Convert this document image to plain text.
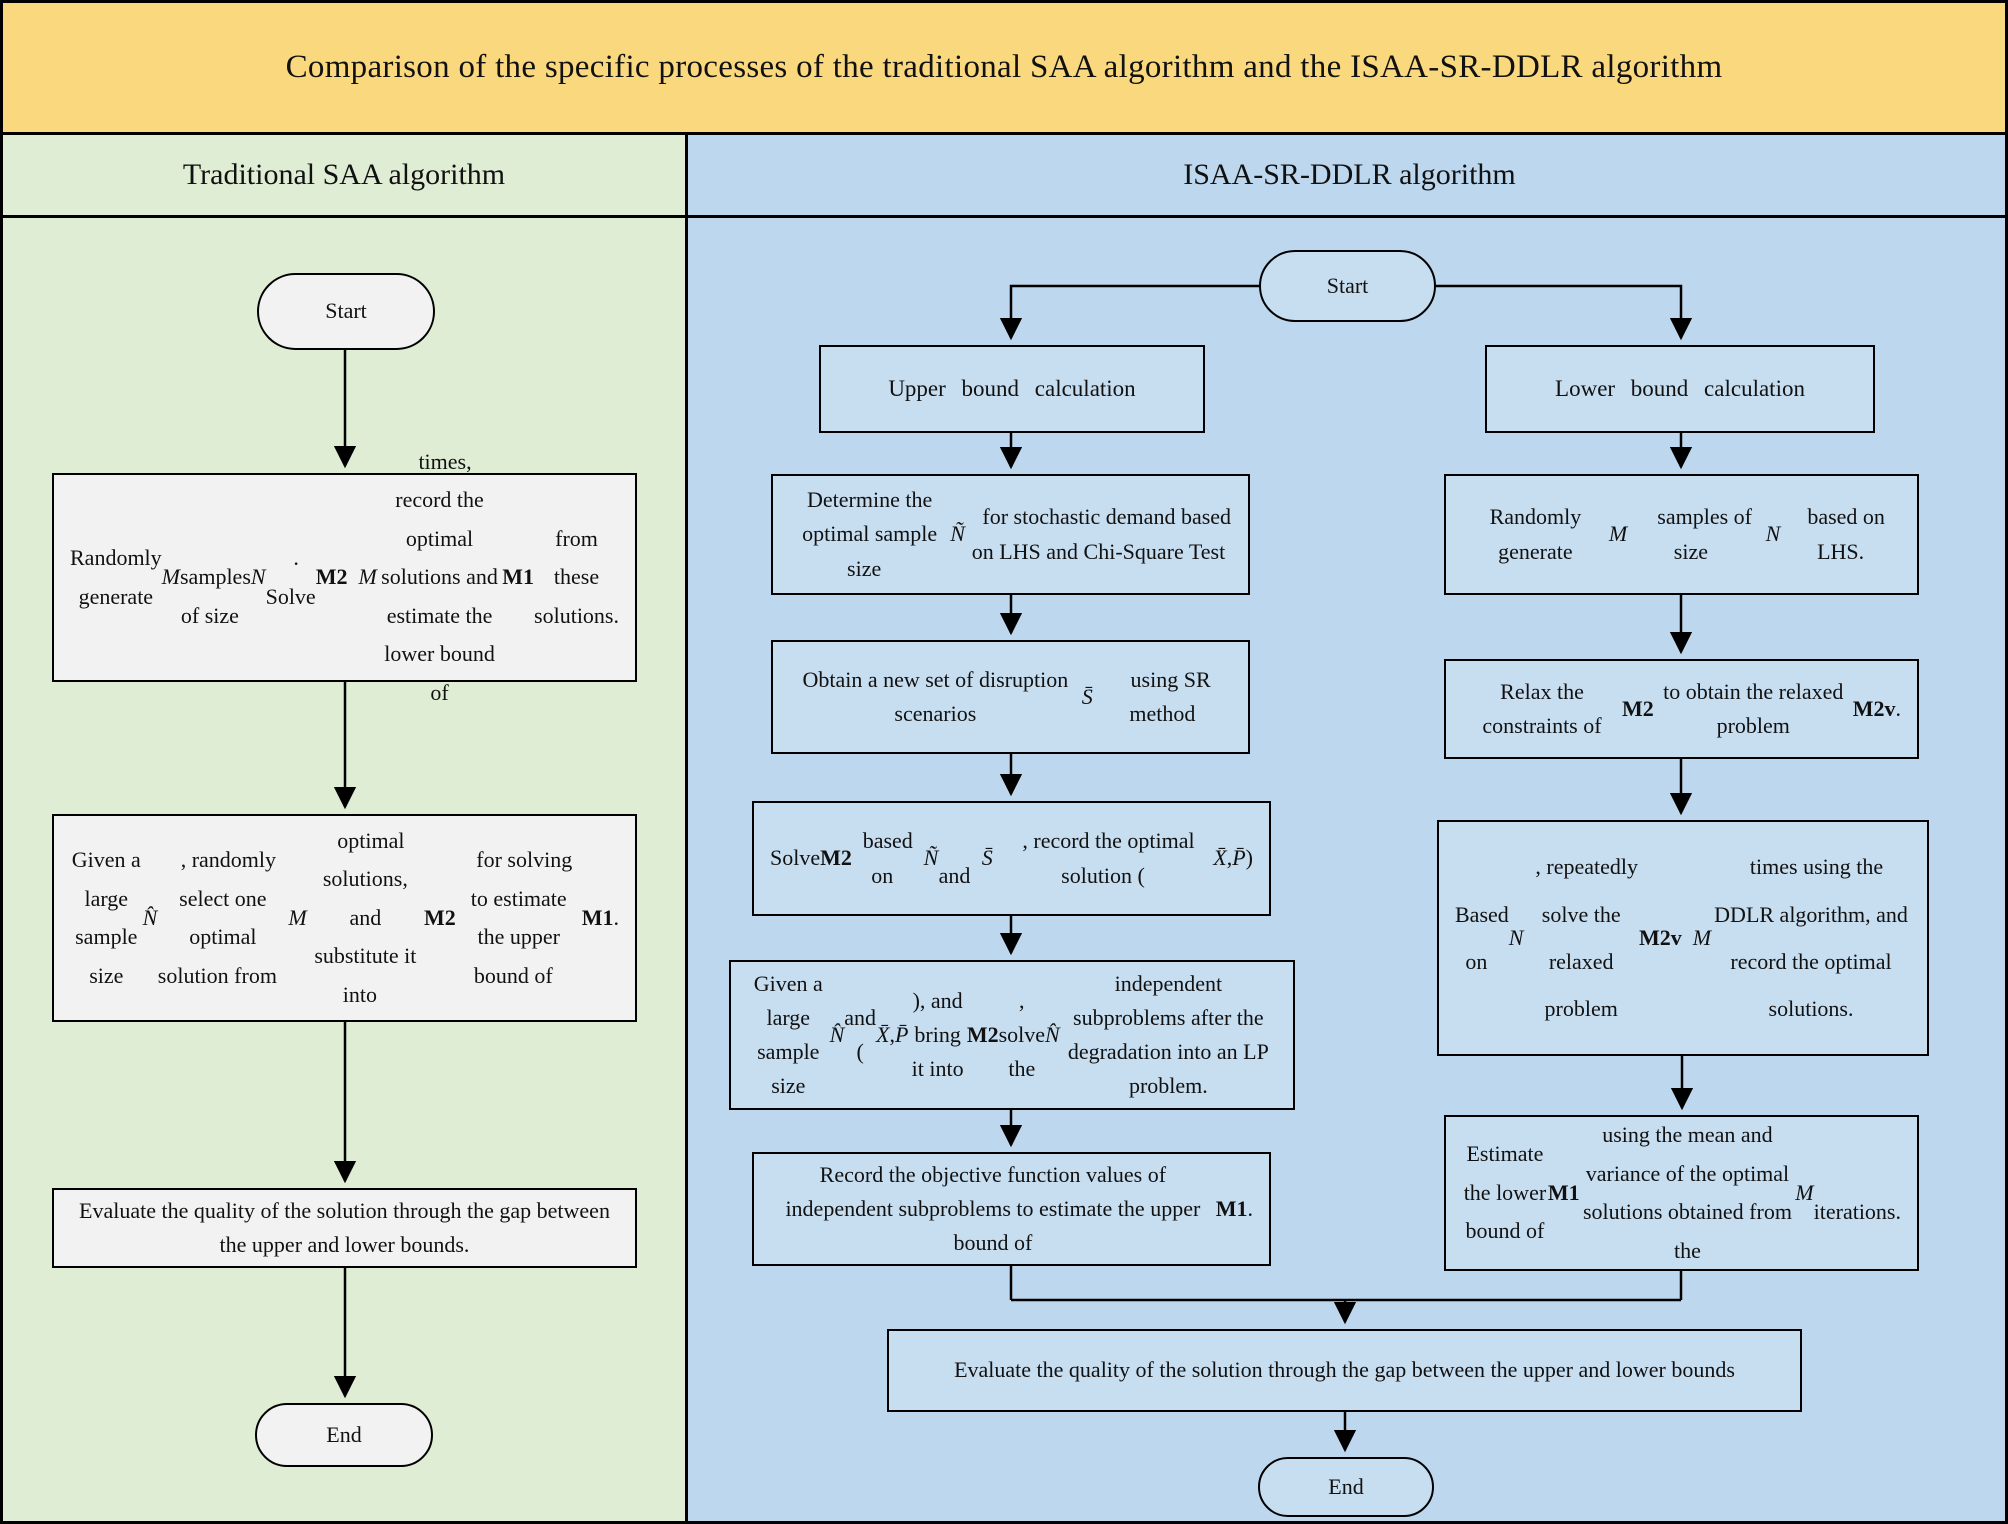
Traditional SAA algorithm	ISAA-SR-DDLR algorithm
Comparison of the specific processes of the traditional SAA algorithm and the ISAA-SR-DDLR algorithm
Start
Randomly generate
M
 samples of size 
N
 . Solve
M2
  M
 times, record the optimal solutions and estimate the lower bound of
M1
from these solutions.
Given a large sample size
N̂
 , randomly select one optimal solution from 
M
 optimal solutions, and substitute it into 
M2
 for solving to estimate the upper bound of 
M1 .
Evaluate the quality of the solution through the gap between the upper and lower bounds.
End
Start
Upper bound calculation	Lower bound calculation
Determine the optimal sample size 
Ñ
  for stochastic demand based on LHS and Chi-Square Test
Obtain a new set of disruption scenarios
S̄
  using SR method
Solve M2
based on 
Ñ
 and 
S̄
 , record the optimal solution (
X̄ , P̄ )
Given a large sample size
N̂
and (
X̄ , P̄
), and bring it into
M2
, solve the
N̂
independent subproblems after the degradation into an LP problem.
Record the objective function values of independent subproblems to estimate the upper bound of
M1 .
Randomly generate
M
  samples of size 
N
 based on LHS.
Relax the constraints of
M2
to obtain the relaxed problem
M2v .
Based on 
N
 , repeatedly solve the relaxed problem
M2v
  M
 times using the DDLR algorithm, and record the optimal solutions.
Estimate the lower bound of
M1
using the mean and variance of the optimal solutions obtained from the
M
 iterations.
Evaluate the quality of the solution through the gap between the upper and lower bounds
End
